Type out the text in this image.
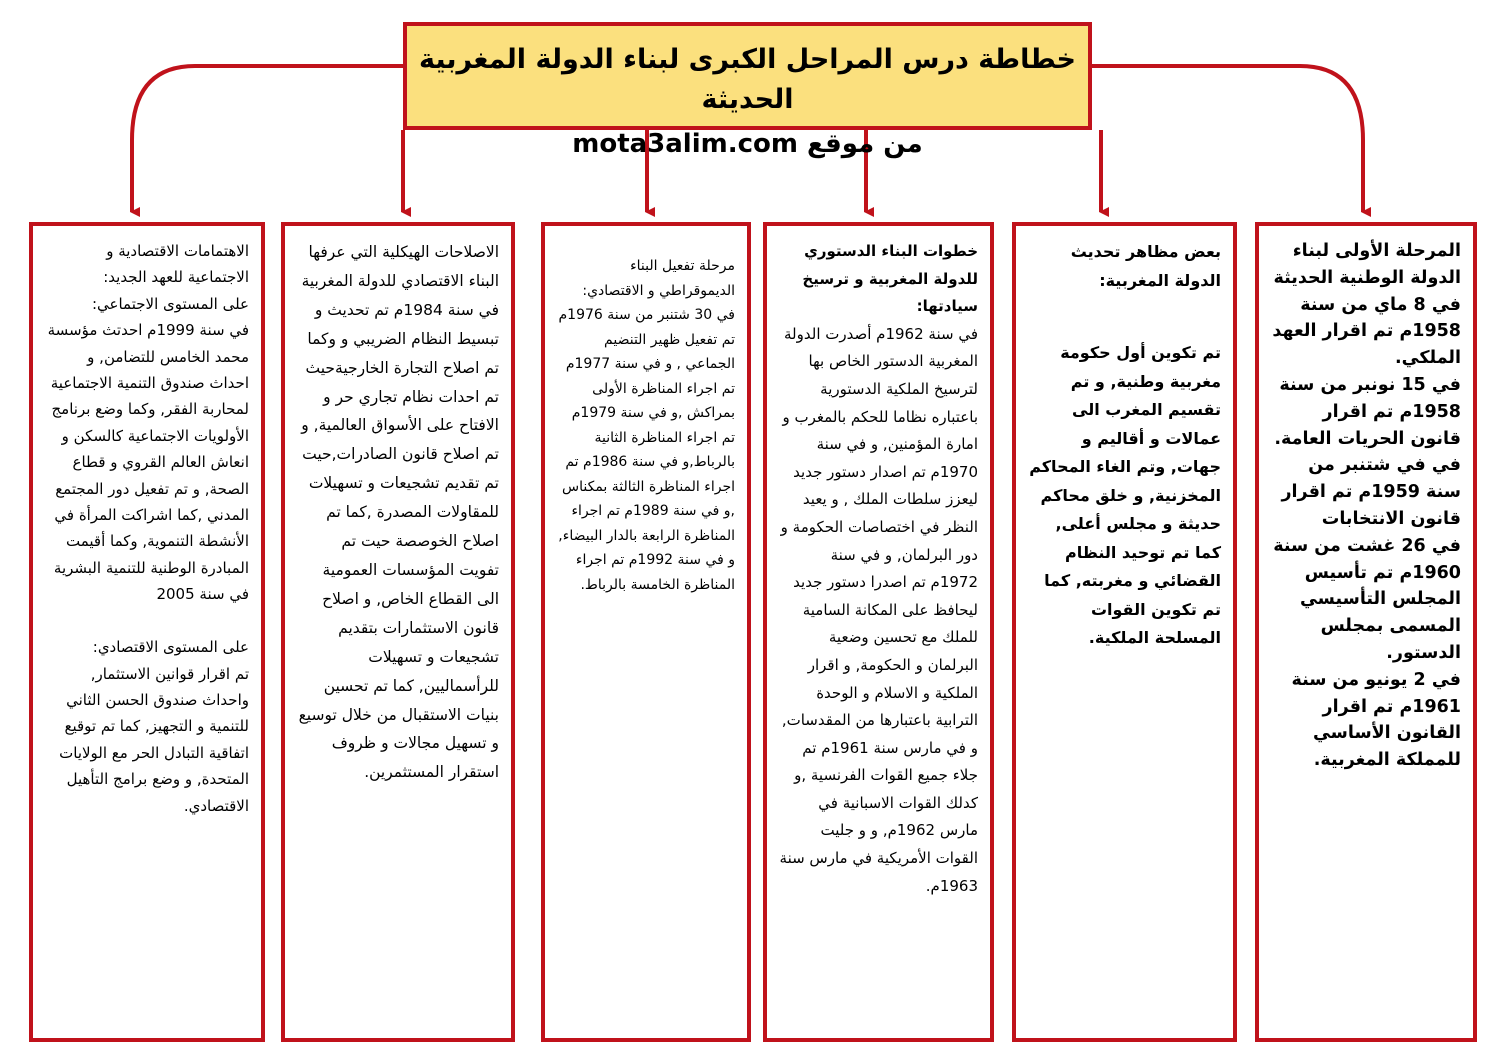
خطاطة درس المراحل الكبرى لبناء الدولة المغربية الحديثة
من موقع mota3alim.com
المرحلة الأولى لبناء الدولة الوطنية الحديثة
في 8 ماي من سنة 1958م تم اقرار العهد الملكي.
في 15 نونبر من سنة 1958م تم اقرار قانون الحريات العامة.
في في شتنبر من سنة 1959م تم اقرار قانون الانتخابات
في 26 غشت من سنة 1960م تم تأسيس المجلس التأسيسي المسمى بمجلس الدستور.
في 2 يونيو من سنة 1961م تم اقرار القانون الأساسي للمملكة المغربية.
بعض مظاهر تحديث الدولة المغربية:
تم تكوين أول حكومة مغربية وطنية, و تم تقسيم المغرب الى عمالات و أقاليم و جهات, وتم الغاء المحاكم المخزنية, و خلق محاكم حديثة و مجلس أعلى, كما تم توحيد النظام القضائي و مغربته, كما تم تكوين القوات المسلحة الملكية.
خطوات البناء الدستوري للدولة المغربية و ترسيخ سيادتها:
في سنة 1962م أصدرت الدولة المغربية الدستور الخاص بها لترسيخ الملكية الدستورية باعتباره نظاما للحكم بالمغرب و امارة المؤمنين, و في سنة 1970م تم اصدار دستور جديد ليعزز سلطات الملك , و يعيد النظر في اختصاصات الحكومة و دور البرلمان, و في سنة 1972م تم اصدرا دستور جديد ليحافظ على المكانة السامية للملك مع تحسين وضعية البرلمان و الحكومة, و اقرار الملكية و الاسلام و الوحدة الترابية باعتبارها من المقدسات, و في مارس سنة 1961م تم جلاء جميع القوات الفرنسية ,و كدلك القوات الاسبانية في مارس 1962م, و و جليت القوات الأمريكية في مارس سنة 1963م.
مرحلة تفعيل البناء الديموقراطي و الاقتصادي:
في 30 شتنبر من سنة 1976م تم تفعيل ظهير التنضيم الجماعي , و في سنة 1977م تم اجراء المناظرة الأولى بمراكش ,و في سنة 1979م تم اجراء المناظرة الثانية بالرباط,و في سنة 1986م تم اجراء المناظرة الثالثة بمكناس ,و في سنة 1989م تم اجراء المناظرة الرابعة بالدار البيضاء, و في سنة 1992م تم اجراء المناظرة الخامسة بالرباط.
الاصلاحات الهيكلية التي عرفها البناء الاقتصادي للدولة المغربية
في سنة 1984م تم تحديث و تبسيط النظام الضريبي و وكما تم اصلاح التجارة الخارجيةحيث تم احدات نظام تجاري حر و الافتاح على الأسواق العالمية, و تم اصلاح قانون الصادرات,حيت تم تقديم تشجيعات و تسهيلات للمقاولات المصدرة ,كما تم اصلاح الخوصصة حيت تم تفويت المؤسسات العمومية الى القطاع الخاص, و اصلاح قانون الاستثمارات بتقديم تشجيعات و تسهيلات للرأسماليين, كما تم تحسين بنيات الاستقبال من خلال توسيع و تسهيل مجالات و ظروف استقرار المستثمرين.
الاهتمامات الاقتصادية و الاجتماعية للعهد الجديد:
على المستوى الاجتماعي:
في سنة 1999م احدتث مؤسسة محمد الخامس للتضامن, و احداث صندوق التنمية الاجتماعية لمحاربة الفقر, وكما وضع برنامج الأولويات الاجتماعية كالسكن و انعاش العالم القروي و قطاع الصحة, و تم تفعيل دور المجتمع المدني ,كما اشراكت المرأة في الأنشطة التنموية, وكما أقيمت المبادرة الوطنية للتنمية البشرية في سنة 2005

على المستوى الاقتصادي:
تم اقرار قوانين الاستثمار, واحداث صندوق الحسن الثاني للتنمية و التجهيز, كما تم توقيع اتفاقية التبادل الحر مع الولايات المتحدة, و وضع برامج التأهيل الاقتصادي.
